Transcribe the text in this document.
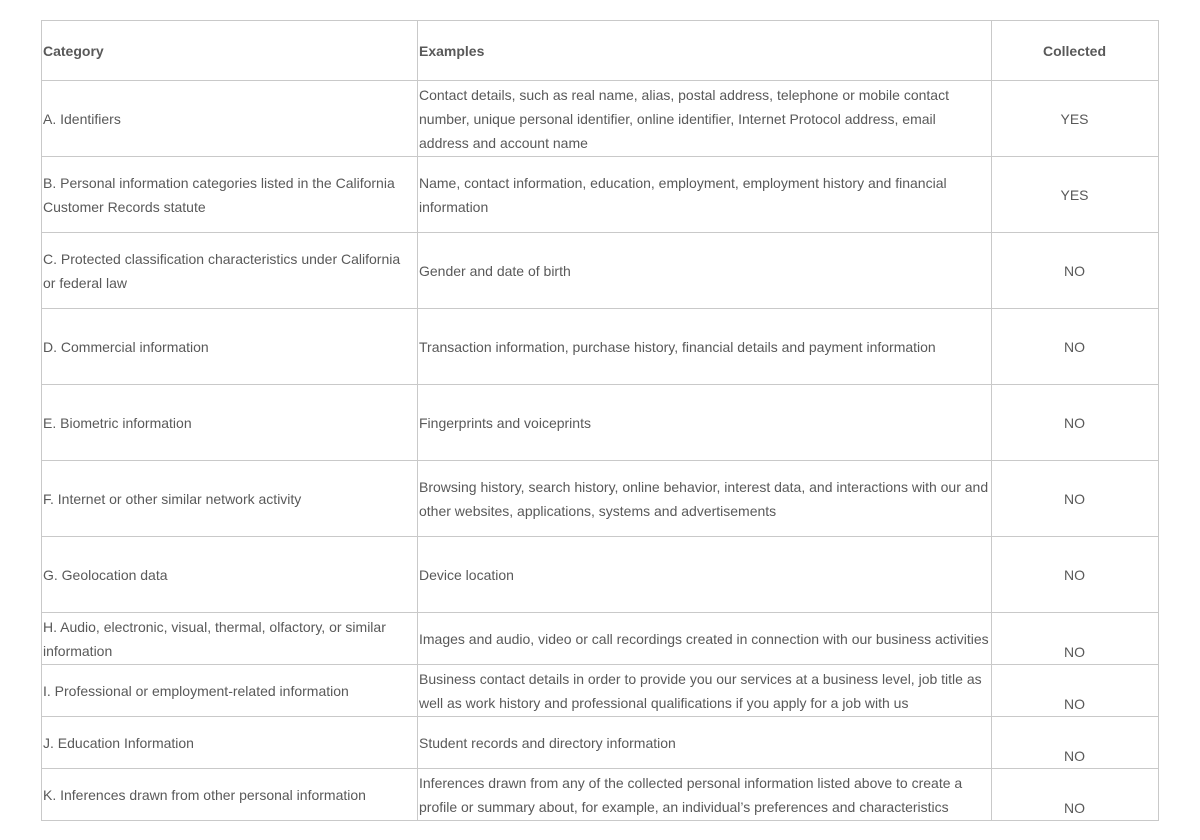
Category	Examples	Collected
A. Identifiers	Contact details, such as real name, alias, postal address, telephone or mobile contact number, unique personal identifier, online identifier, Internet Protocol address, email address and account name	YES
B. Personal information categories listed in the California Customer Records statute	Name, contact information, education, employment, employment history and financial information	YES
C. Protected classification characteristics under California or federal law	Gender and date of birth	NO
D. Commercial information	Transaction information, purchase history, financial details and payment information	NO
E. Biometric information	Fingerprints and voiceprints	NO
F. Internet or other similar network activity	Browsing history, search history, online behavior, interest data, and interactions with our and other websites, applications, systems and advertisements	NO
G. Geolocation data	Device location	NO
H. Audio, electronic, visual, thermal, olfactory, or similar information	Images and audio, video or call recordings created in connection with our business activities	NO
I. Professional or employment-related information	Business contact details in order to provide you our services at a business level, job title as well as work history and professional qualifications if you apply for a job with us	NO
J. Education Information	Student records and directory information	NO
K. Inferences drawn from other personal information	Inferences drawn from any of the collected personal information listed above to create a profile or summary about, for example, an individual’s preferences and characteristics	NO
